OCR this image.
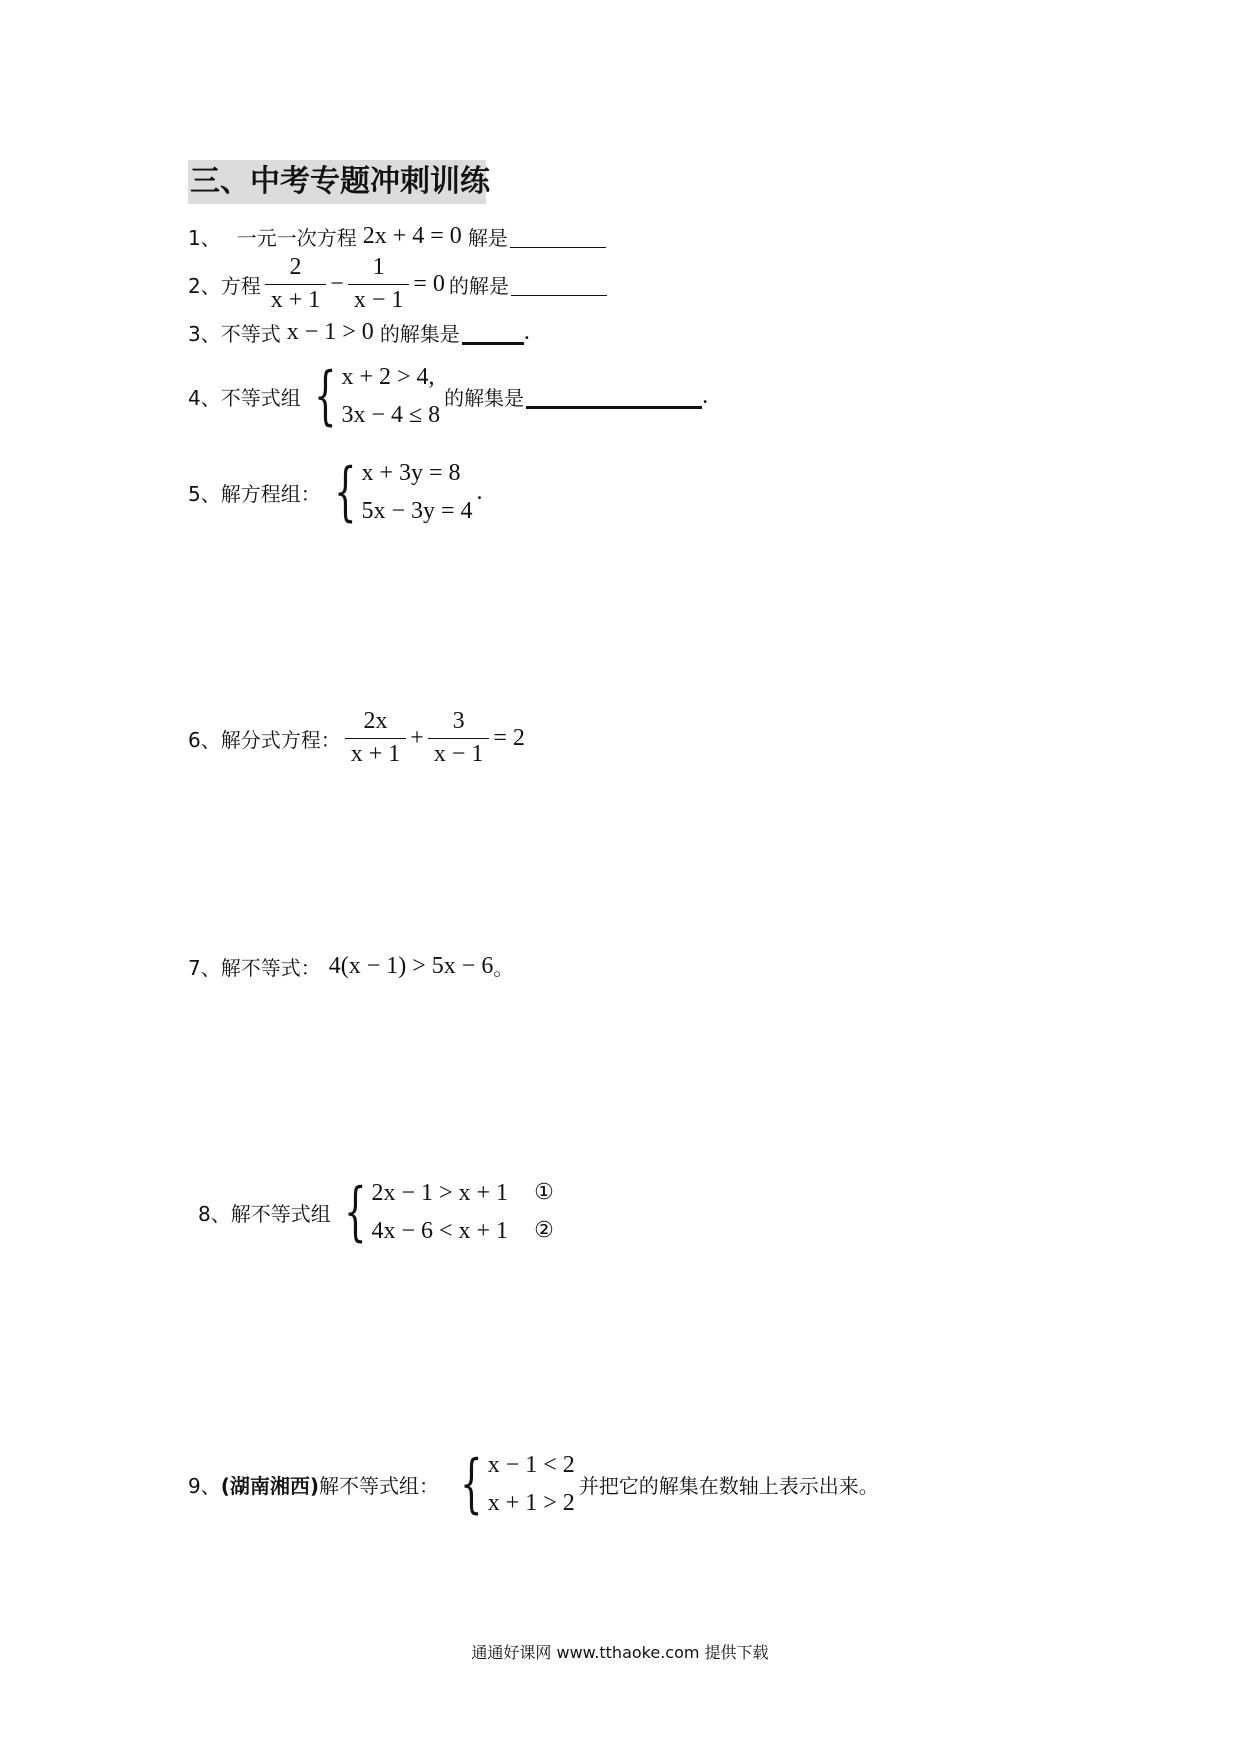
三、中考专题冲刺训练
1、 一元一次方程 2x + 4 = 0 解是
2、 方程 $\frac{2}{x + 1} - \frac{1}{x - 1} = 0$ 的解是
3、 不等式 x − 1 > 0 的解集是	.
4、 不等式组 { x + 2 > 4,
3x − 4 ≤ 8
的解集是	.
5、 解方程组： { x + 3y = 8
5x − 3y = 4
.
6、 解分式方程： $\frac{2x}{x + 1} + \frac{3}{x - 1} = 2$
7、 解不等式： 4(x − 1) > 5x − 6 。
8、 解不等式组 { 2x − 1 > x + 1 ①
4x − 6 < x + 1 ②
9、 (湖南湘西) 解不等式组： { x − 1 < 2
x + 1 > 2
并把它的解集在数轴上表示出来。
通通好课网 www.tthaoke.com 提供下载
